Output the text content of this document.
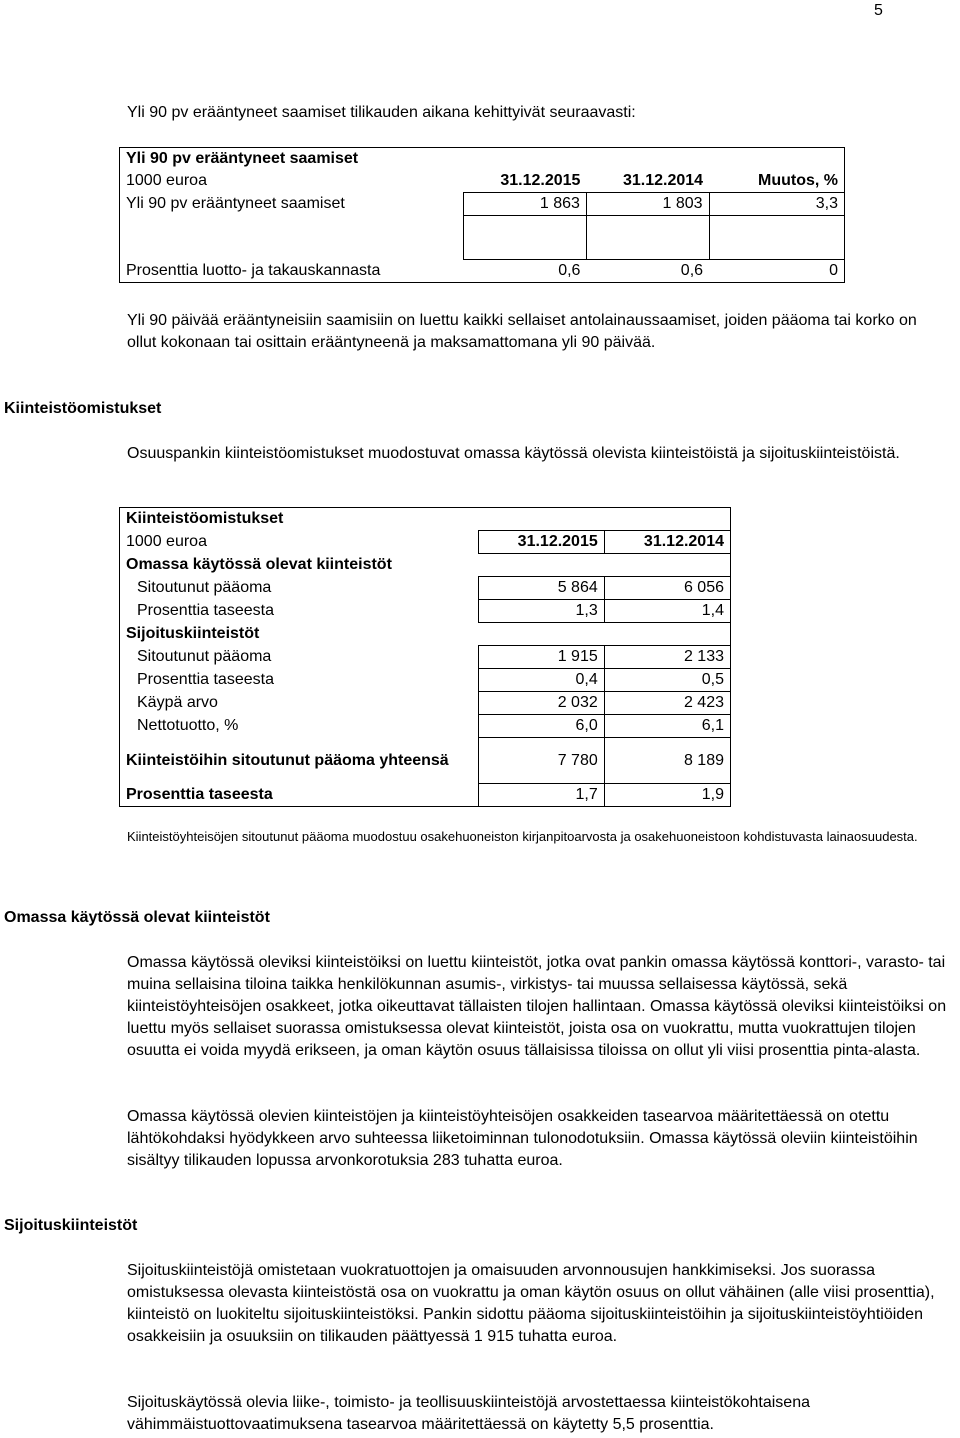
5
Yli 90 pv erääntyneet saamiset tilikauden aikana kehittyivät seuraavasti:
Yli 90 pv erääntyneet saamiset			
1000 euroa	31.12.2015	31.12.2014	Muutos, %
Yli 90 pv erääntyneet saamiset	1 863	1 803	3,3

Prosenttia luotto- ja takauskannasta	0,6	0,6	0

Yli 90 päivää erääntyneisiin saamisiin on luettu kaikki sellaiset antolainaussaamiset, joiden pääoma tai korko on ollut kokonaan tai osittain erääntyneenä ja maksamattomana yli 90 päivää.

Kiinteistöomistukset

Osuuspankin kiinteistöomistukset muodostuvat omassa käytössä olevista kiinteistöistä ja sijoituskiinteistöistä.

Kiinteistöomistukset		
1000 euroa	31.12.2015	31.12.2014
Omassa käytössä olevat kiinteistöt		
Sitoutunut pääoma	5 864	6 056
Prosenttia taseesta	1,3	1,4
Sijoituskiinteistöt		
Sitoutunut pääoma	1 915	2 133
Prosenttia taseesta	0,4	0,5
Käypä arvo	2 032	2 423
Nettotuotto, %	6,0	6,1
Kiinteistöihin sitoutunut pääoma yhteensä	7 780	8 189
Prosenttia taseesta	1,7	1,9

Kiinteistöyhteisöjen sitoutunut pääoma muodostuu osakehuoneiston kirjanpitoarvosta ja osakehuoneistoon kohdistuvasta lainaosuudesta.

Omassa käytössä olevat kiinteistöt

Omassa käytössä oleviksi kiinteistöiksi on luettu kiinteistöt, jotka ovat pankin omassa käytössä konttori-, varasto- tai muina sellaisina tiloina taikka henkilökunnan asumis-, virkistys- tai muussa sellaisessa käytössä, sekä kiinteistöyhteisöjen osakkeet, jotka oikeuttavat tällaisten tilojen hallintaan. Omassa käytössä oleviksi kiinteistöiksi on luettu myös sellaiset suorassa omistuksessa olevat kiinteistöt, joista osa on vuokrattu, mutta vuokrattujen tilojen osuutta ei voida myydä erikseen, ja oman käytön osuus tällaisissa tiloissa on ollut yli viisi prosenttia pinta-alasta.

Omassa käytössä olevien kiinteistöjen ja kiinteistöyhteisöjen osakkeiden tasearvoa määritettäessä on otettu lähtökohdaksi hyödykkeen arvo suhteessa liiketoiminnan tulonodotuksiin. Omassa käytössä oleviin kiinteistöihin sisältyy tilikauden lopussa arvonkorotuksia 283 tuhatta euroa.

Sijoituskiinteistöt

Sijoituskiinteistöjä omistetaan vuokratuottojen ja omaisuuden arvonnousujen hankkimiseksi. Jos suorassa omistuksessa olevasta kiinteistöstä osa on vuokrattu ja oman käytön osuus on ollut vähäinen (alle viisi prosenttia), kiinteistö on luokiteltu sijoituskiinteistöksi. Pankin sidottu pääoma sijoituskiinteistöihin ja sijoituskiinteistöyhtiöiden osakkeisiin ja osuuksiin on tilikauden päättyessä 1 915 tuhatta euroa.

Sijoituskäytössä olevia liike-, toimisto- ja teollisuuskiinteistöjä arvostettaessa kiinteistökohtaisena vähimmäistuottovaatimuksena tasearvoa määritettäessä on käytetty 5,5 prosenttia.
